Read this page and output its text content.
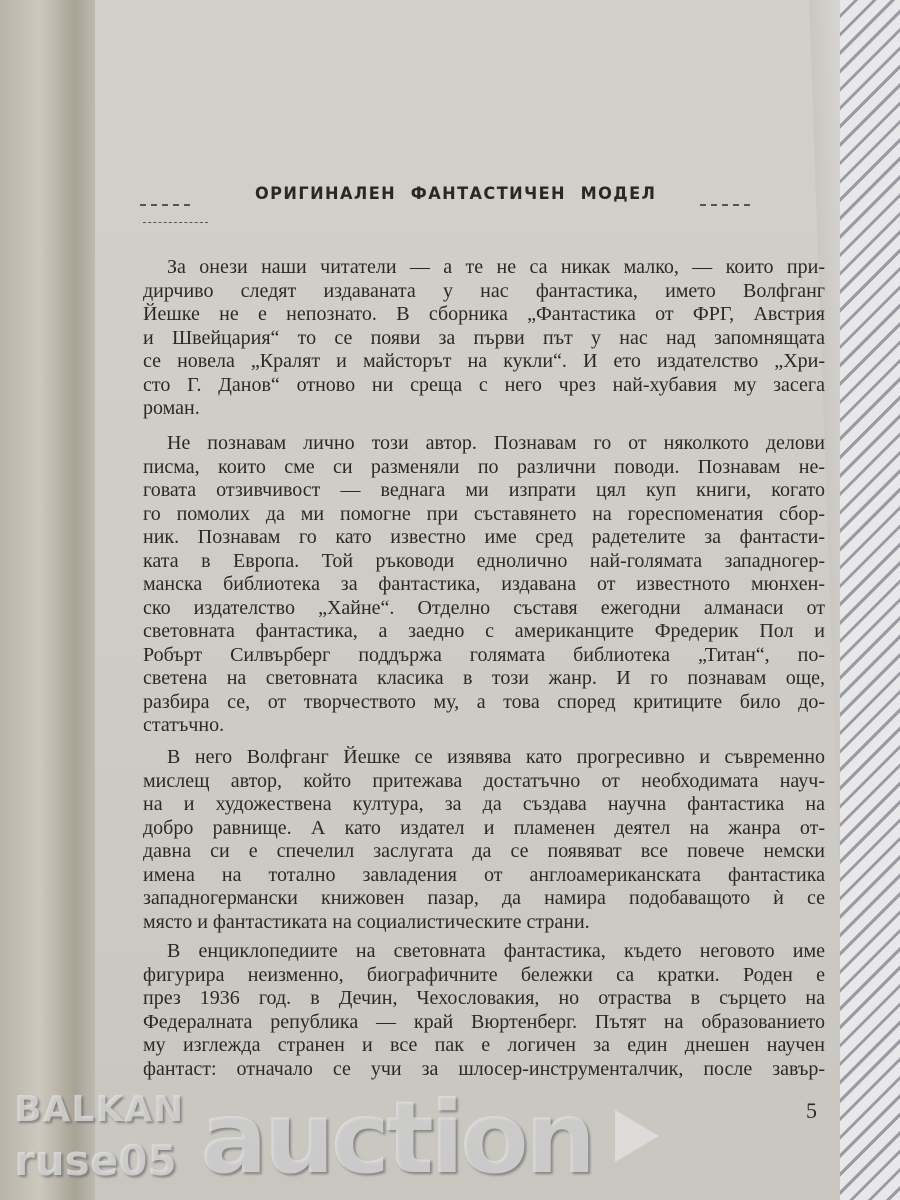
ОРИГИНАЛЕН ФАНТАСТИЧЕН МОДЕЛ
За онези наши читатели — а те не са никак малко, — които при-
дирчиво следят издаваната у нас фантастика, името Волфганг
Йешке не е непознато. В сборника „Фантастика от ФРГ, Австрия
и Швейцария“ то се появи за първи път у нас над запомнящата
се новела „Кралят и майсторът на кукли“. И ето издателство „Хри-
сто Г. Данов“ отново ни среща с него чрез най-хубавия му засега
роман.
Не познавам лично този автор. Познавам го от няколкото делови
писма, които сме си разменяли по различни поводи. Познавам не-
говата отзивчивост — веднага ми изпрати цял куп книги, когато
го помолих да ми помогне при съставянето на гореспоменатия сбор-
ник. Познавам го като известно име сред радетелите за фантасти-
ката в Европа. Той ръководи еднолично най-голямата западногер-
манска библиотека за фантастика, издавана от известното мюнхен-
ско издателство „Хайне“. Отделно съставя ежегодни алманаси от
световната фантастика, а заедно с американците Фредерик Пол и
Робърт Силвърберг поддържа голямата библиотека „Титан“, по-
светена на световната класика в този жанр. И го познавам още,
разбира се, от творчеството му, а това според критиците било до-
статъчно.
В него Волфганг Йешке се изявява като прогресивно и съвременно
мислещ автор, който притежава достатъчно от необходимата науч-
на и художествена култура, за да създава научна фантастика на
добро равнище. А като издател и пламенен деятел на жанра от-
давна си е спечелил заслугата да се появяват все повече немски
имена на тотално завладения от англоамериканската фантастика
западногермански книжовен пазар, да намира подобаващото ѝ се
място и фантастиката на социалистическите страни.
В енциклопедиите на световната фантастика, където неговото име
фигурира неизменно, биографичните бележки са кратки. Роден е
през 1936 год. в Дечин, Чехословакия, но отраства в сърцето на
Федералната република — край Вюртенберг. Пътят на образованието
му изглежда странен и все пак е логичен за един днешен научен
фантаст: отначало се учи за шлосер-инструменталчик, после завър-
5
BALKAN auction
ruse05
